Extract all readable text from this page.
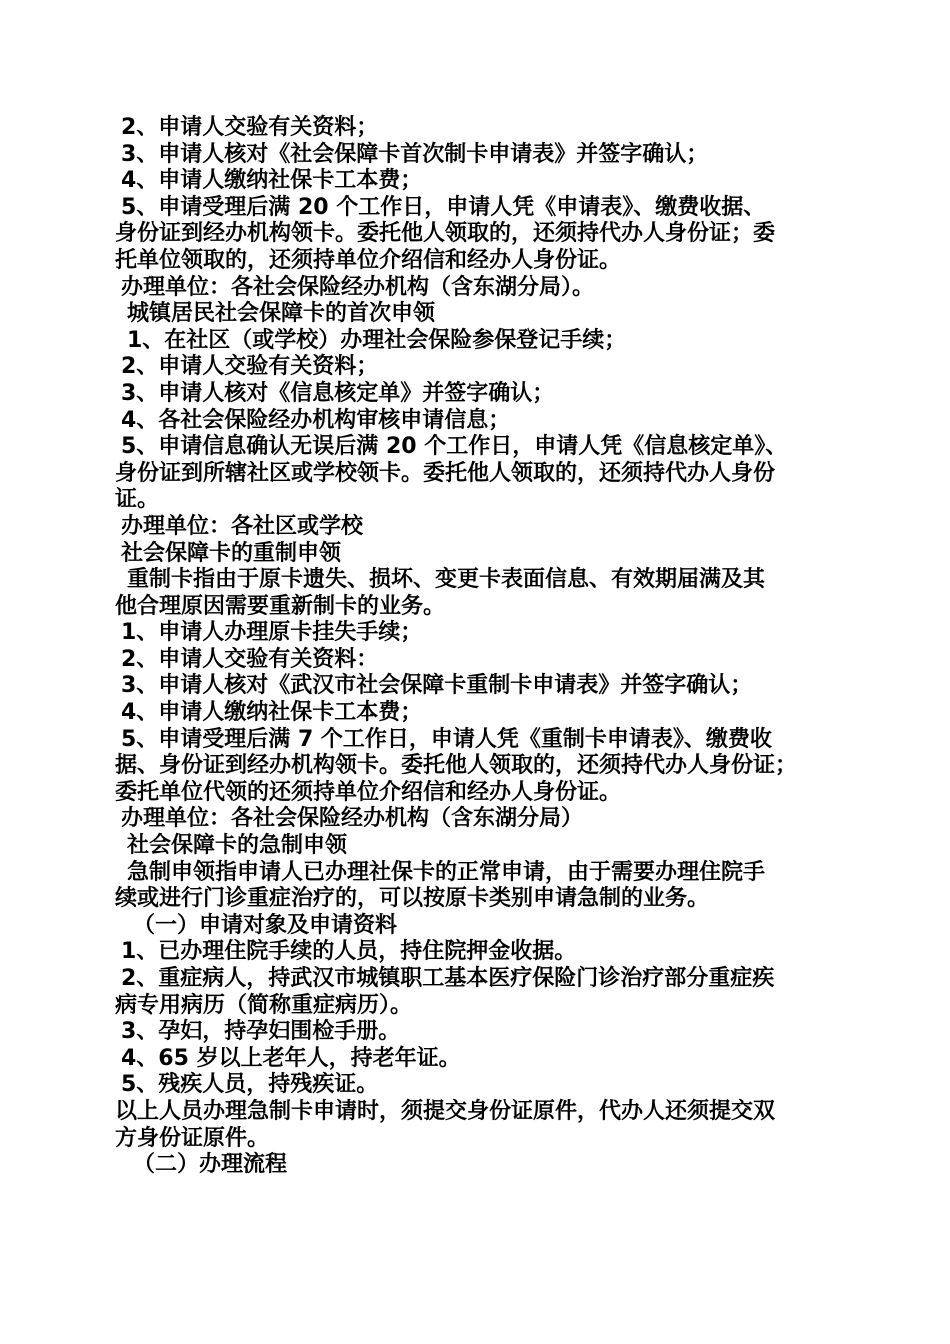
2、申请人交验有关资料；
3、申请人核对《社会保障卡首次制卡申请表》并签字确认；
4、申请人缴纳社保卡工本费；
5、申请受理后满 20 个工作日，申请人凭《申请表》、缴费收据、
身份证到经办机构领卡。委托他人领取的，还须持代办人身份证；委
托单位领取的，还须持单位介绍信和经办人身份证。
办理单位：各社会保险经办机构（含东湖分局）。
城镇居民社会保障卡的首次申领
1、在社区（或学校）办理社会保险参保登记手续；
2、申请人交验有关资料；
3、申请人核对《信息核定单》并签字确认；
4、各社会保险经办机构审核申请信息；
5、申请信息确认无误后满 20 个工作日，申请人凭《信息核定单》、
身份证到所辖社区或学校领卡。委托他人领取的，还须持代办人身份
证。
办理单位：各社区或学校
社会保障卡的重制申领
重制卡指由于原卡遗失、损坏、变更卡表面信息、有效期届满及其
他合理原因需要重新制卡的业务。
1、申请人办理原卡挂失手续；
2、申请人交验有关资料：
3、申请人核对《武汉市社会保障卡重制卡申请表》并签字确认；
4、申请人缴纳社保卡工本费；
5、申请受理后满 7 个工作日，申请人凭《重制卡申请表》、缴费收
据、身份证到经办机构领卡。委托他人领取的，还须持代办人身份证；
委托单位代领的还须持单位介绍信和经办人身份证。
办理单位：各社会保险经办机构（含东湖分局）
社会保障卡的急制申领
急制申领指申请人已办理社保卡的正常申请，由于需要办理住院手
续或进行门诊重症治疗的，可以按原卡类别申请急制的业务。
（一）申请对象及申请资料
1、已办理住院手续的人员，持住院押金收据。
2、重症病人，持武汉市城镇职工基本医疗保险门诊治疗部分重症疾
病专用病历（简称重症病历）。
3、孕妇，持孕妇围检手册。
4、65 岁以上老年人，持老年证。
5、残疾人员，持残疾证。
以上人员办理急制卡申请时，须提交身份证原件，代办人还须提交双
方身份证原件。
（二）办理流程
